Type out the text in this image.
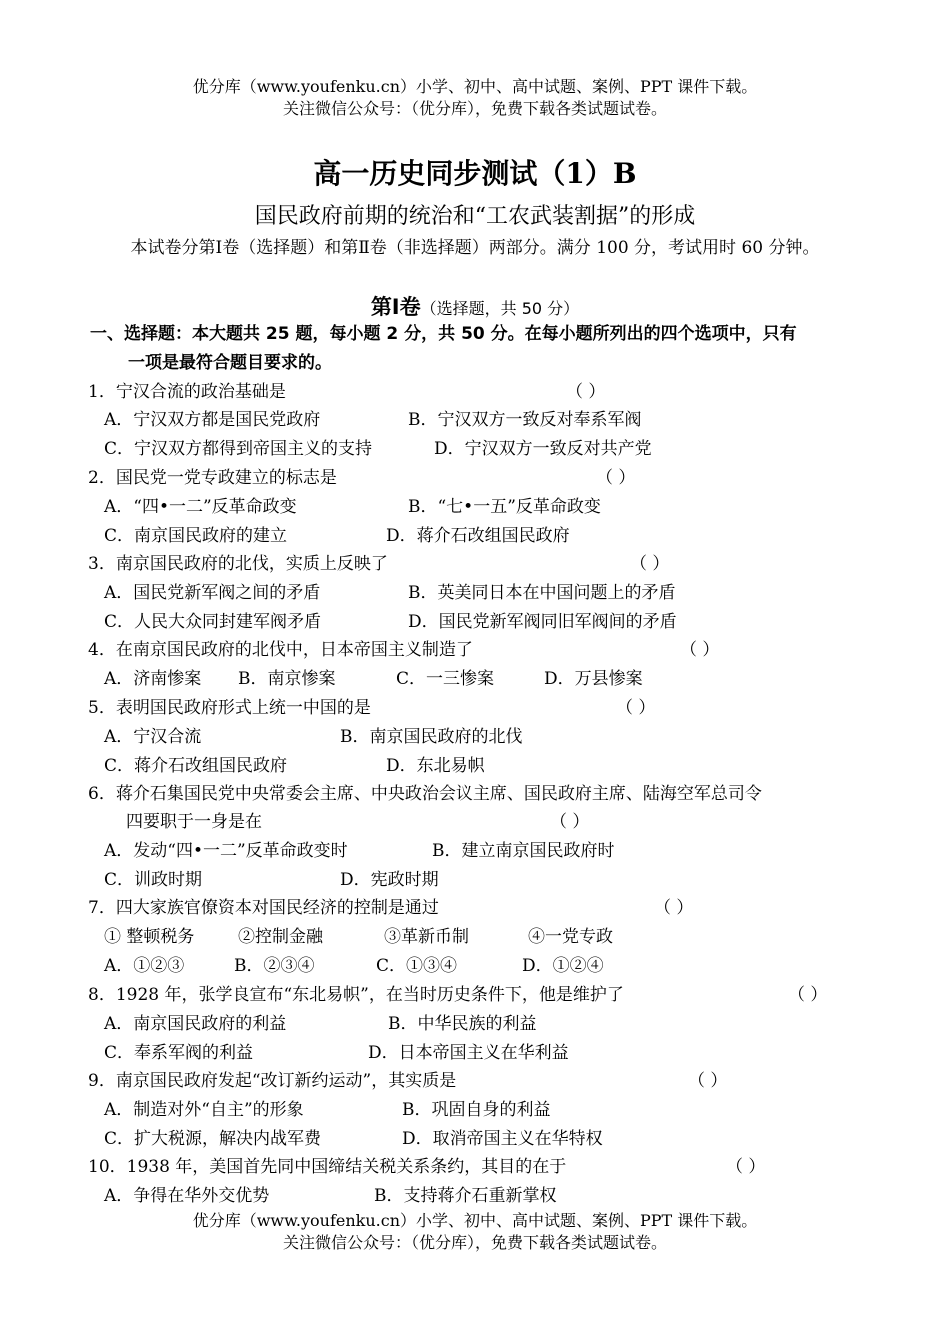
优分库（www.youfenku.cn）小学、初中、高中试题、案例、PPT 课件下载。
关注微信公众号：（优分库），免费下载各类试题试卷。
高一历史同步测试（1）B
国民政府前期的统治和“工农武装割据”的形成
本试卷分第Ⅰ卷（选择题）和第Ⅱ卷（非选择题）两部分。满分 100 分，考试用时 60 分钟。
第Ⅰ卷（选择题，共 50 分）
一、选择题：本大题共 25 题，每小题 2 分，共 50 分。在每小题所列出的四个选项中，只有
一项是最符合题目要求的。
1．宁汉合流的政治基础是	（ ）
A．宁汉双方都是国民党政府	B．宁汉双方一致反对奉系军阀
C．宁汉双方都得到帝国主义的支持	D．宁汉双方一致反对共产党
2．国民党一党专政建立的标志是	（ ）
A．“四•一二”反革命政变	B．“七•一五”反革命政变
C．南京国民政府的建立	D．蒋介石改组国民政府
3．南京国民政府的北伐，实质上反映了	（ ）
A．国民党新军阀之间的矛盾	B．英美同日本在中国问题上的矛盾
C．人民大众同封建军阀矛盾	D．国民党新军阀同旧军阀间的矛盾
4．在南京国民政府的北伐中，日本帝国主义制造了	（ ）
A．济南惨案 B．南京惨案	C．一三惨案	D．万县惨案
5．表明国民政府形式上统一中国的是	（ ）
A．宁汉合流	B．南京国民政府的北伐
C．蒋介石改组国民政府	D．东北易帜
6．蒋介石集国民党中央常委会主席、中央政治会议主席、国民政府主席、陆海空军总司令
四要职于一身是在	（ ）
A．发动“四•一二”反革命政变时	B．建立南京国民政府时
C．训政时期	D．宪政时期
7．四大家族官僚资本对国民经济的控制是通过	（ ）
① 整顿税务	②控制金融	③革新币制	④一党专政
A．①②③	B．②③④	C．①③④	D．①②④
8．1928 年，张学良宣布“东北易帜”，在当时历史条件下，他是维护了	（ ）
A．南京国民政府的利益	B．中华民族的利益
C．奉系军阀的利益	D．日本帝国主义在华利益
9．南京国民政府发起“改订新约运动”，其实质是	（ ）
A．制造对外“自主”的形象	B．巩固自身的利益
C．扩大税源，解决内战军费	D．取消帝国主义在华特权
10．1938 年，美国首先同中国缔结关税关系条约，其目的在于	（ ）
A．争得在华外交优势	B．支持蒋介石重新掌权
优分库（www.youfenku.cn）小学、初中、高中试题、案例、PPT 课件下载。
关注微信公众号：（优分库），免费下载各类试题试卷。
